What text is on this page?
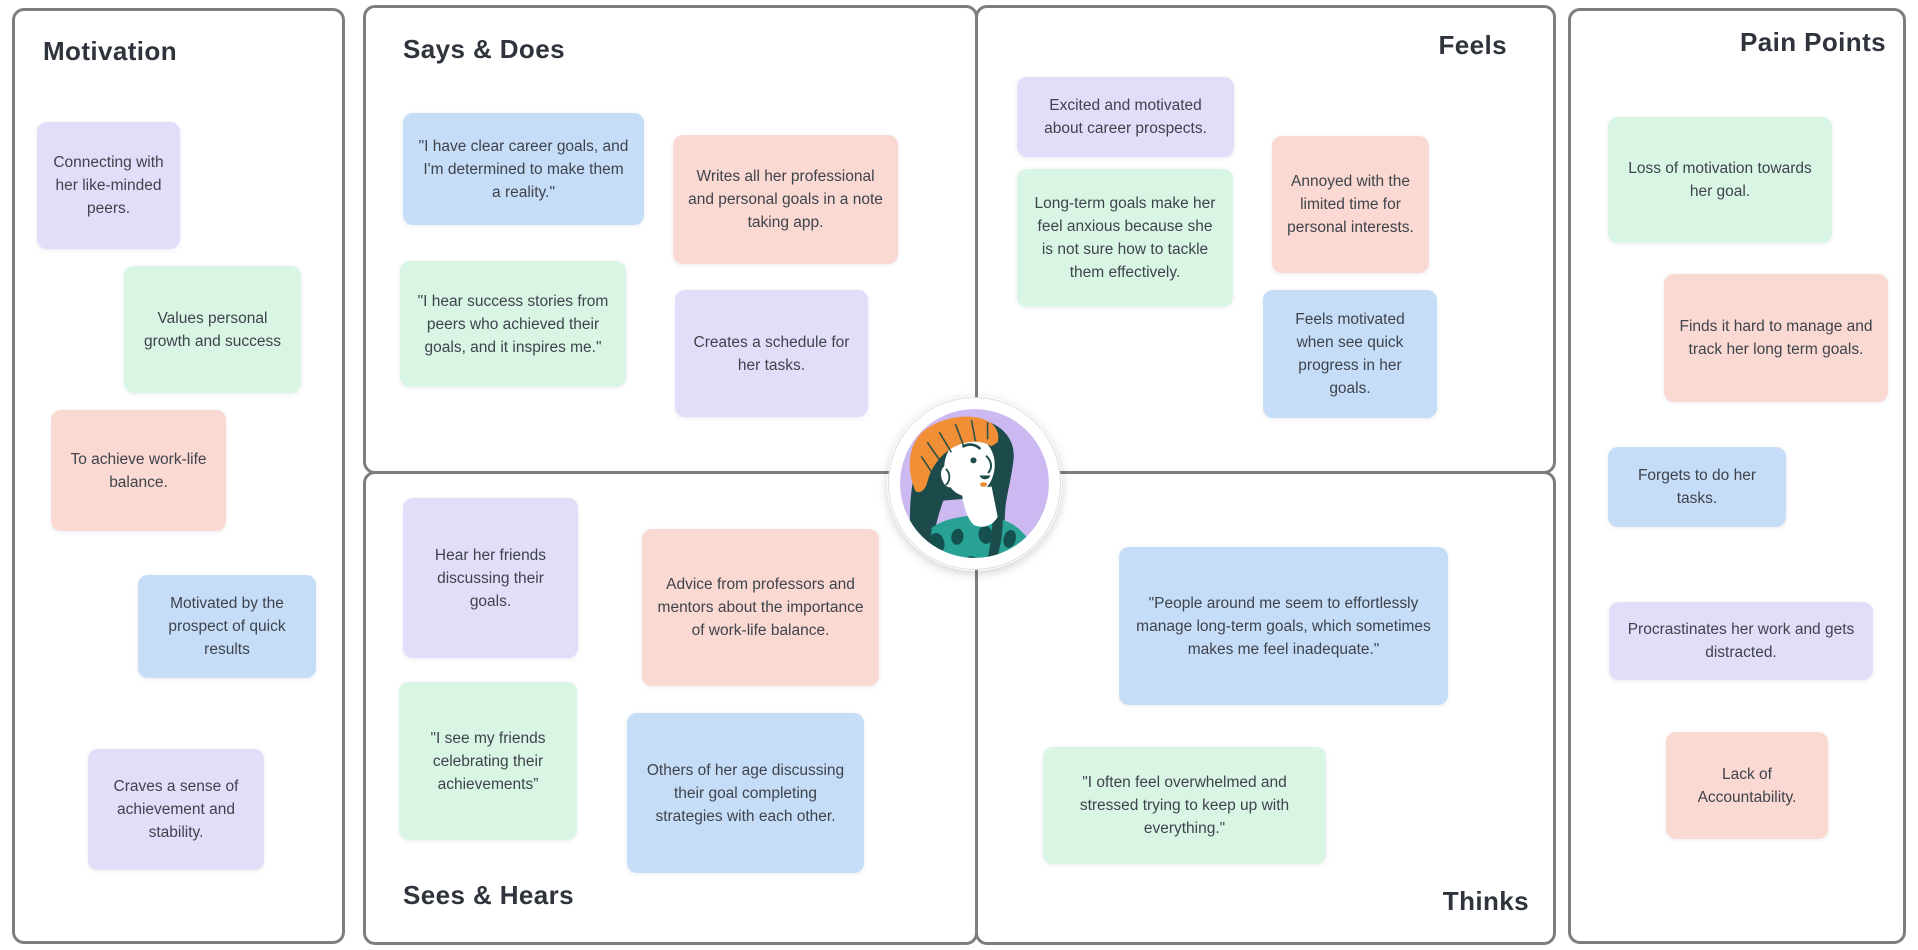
Motivation	Says & Does	Feels	Pain Points
Sees & Hears	Thinks
Connecting with her like-minded peers.
Values personal growth and success
To achieve work-life balance.
Motivated by the prospect of quick results
Craves a sense of achievement and stability.
"I have clear career goals, and I'm determined to make them a reality."
Writes all her professional and personal goals in a note taking app.
"I hear success stories from peers who achieved their goals, and it inspires me."	Creates a schedule for her tasks.
Excited and motivated about career prospects.
Annoyed with the limited time for personal interests.
Long-term goals make her feel anxious because she is not sure how to tackle them effectively.
Feels motivated when see quick progress in her goals.
Loss of motivation towards her goal.
Finds it hard to manage and track her long term goals.
Forgets to do her tasks.
Procrastinates her work and gets distracted.
Lack of Accountability.
Hear her friends discussing their goals.
Advice from professors and mentors about the importance of work-life balance.
"I see my friends celebrating their achievements”
Others of her age discussing their goal completing strategies with each other.
"People around me seem to effortlessly manage long-term goals, which sometimes makes me feel inadequate."
"I often feel overwhelmed and stressed trying to keep up with everything."
